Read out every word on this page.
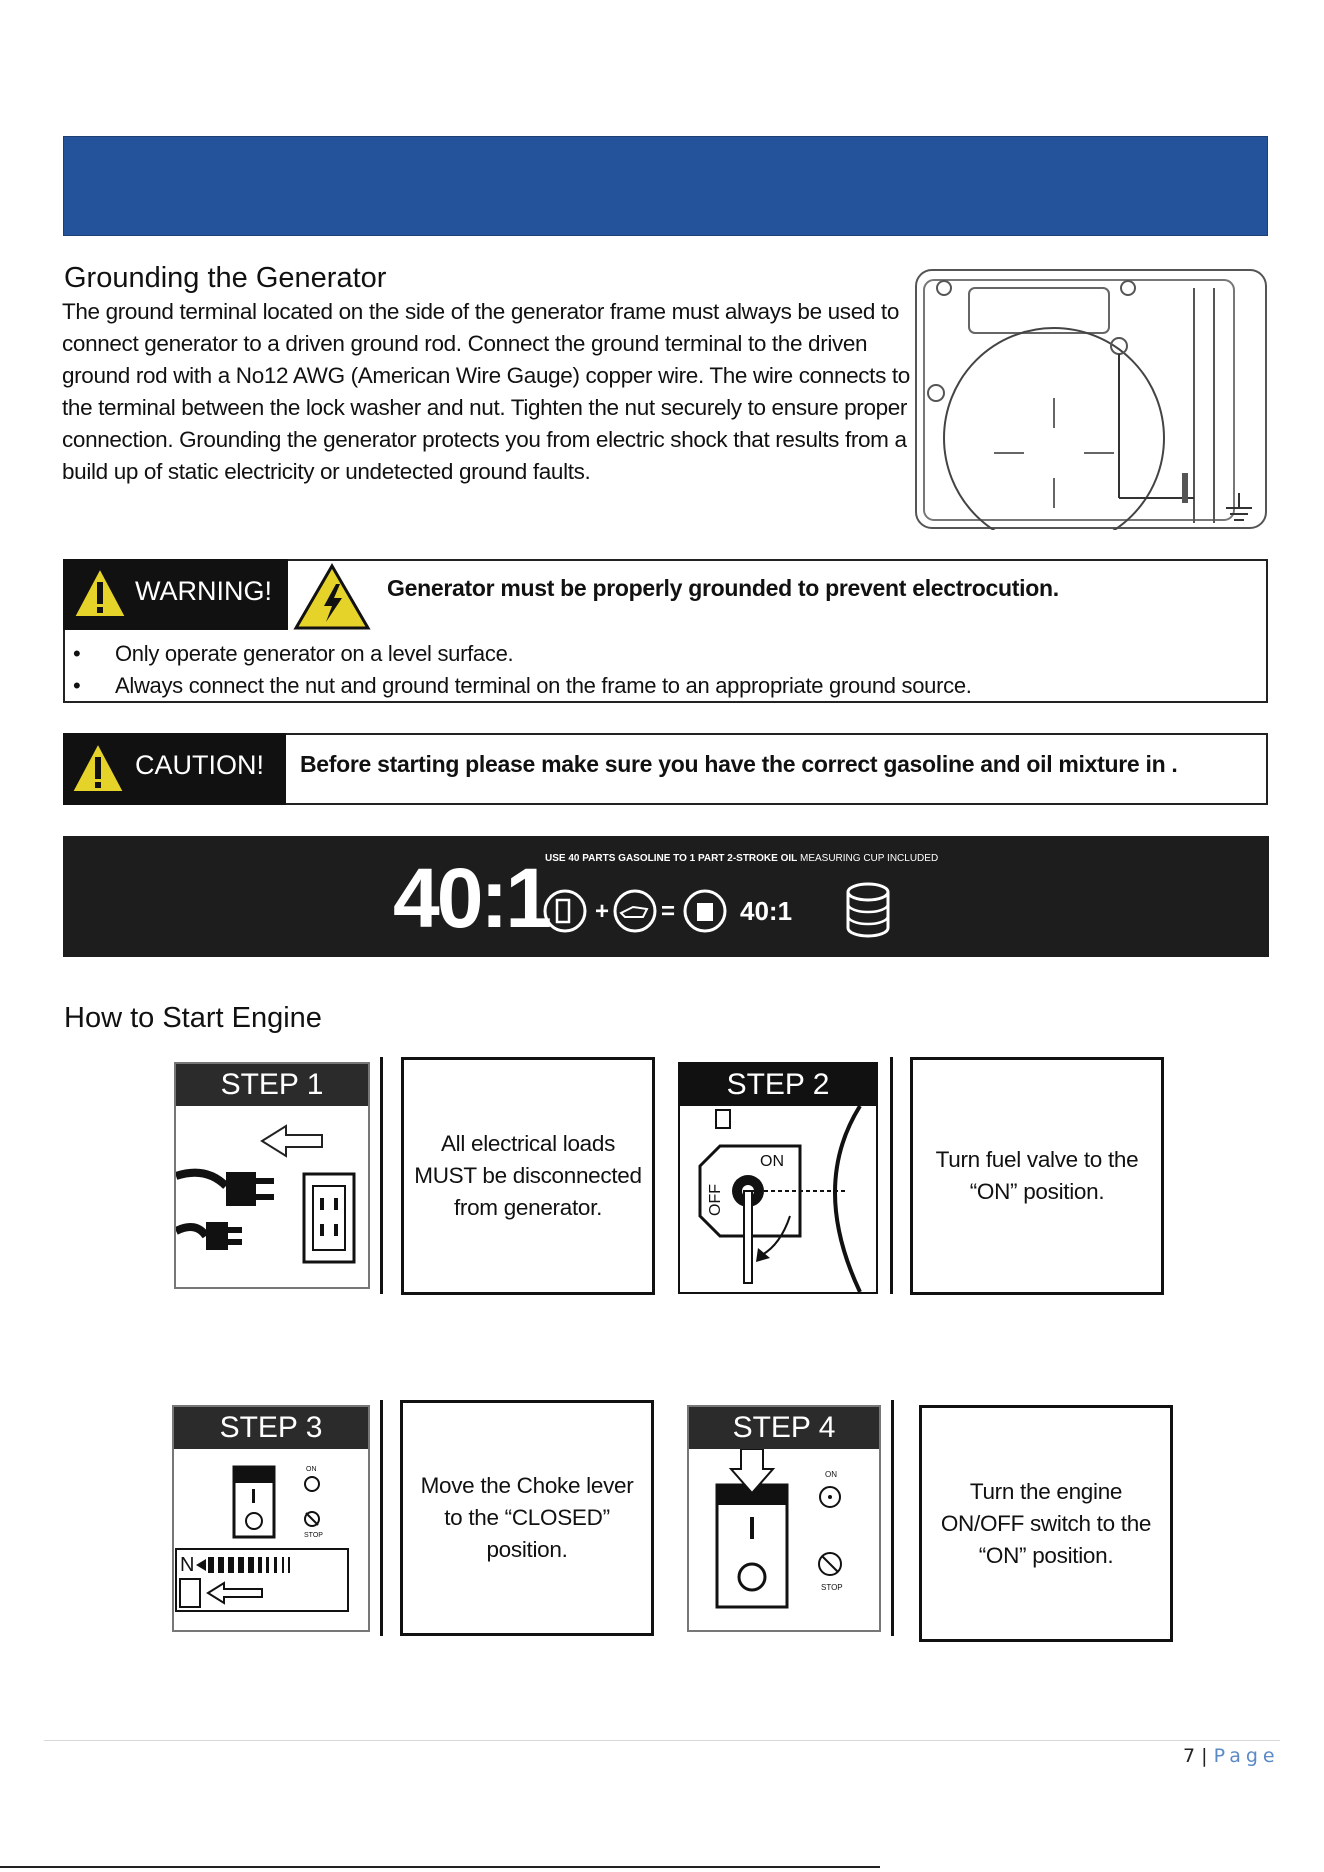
Grounding the Generator
The ground terminal located on the side of the generator frame must always be used to connect generator to a driven ground rod. Connect the ground terminal to the driven ground rod with a No12 AWG (American Wire Gauge) copper wire. The wire connects to the terminal between the lock washer and nut. Tighten the nut securely to ensure proper connection. Grounding the generator protects you from electric shock that results from a build up of static electricity or undetected ground faults.
WARNING!	Generator must be properly grounded to prevent electrocution.
• Only operate generator on a level surface.
• Always connect the nut and ground terminal on the frame to an appropriate ground source.
CAUTION! Before starting please make sure you have the correct gasoline and oil mixture in .
40:1
USE 40 PARTS GASOLINE TO 1 PART 2-STROKE OIL MEASURING CUP INCLUDED
+ = 40:1
How to Start Engine
STEP 1
All electrical loads MUST be disconnected from generator.
STEP 2
ON
OFF
Turn fuel valve to the “ON” position.
STEP 3
ON
STOP
N
Move the Choke lever to the “CLOSED” position.
STEP 4
ON
STOP
Turn the engine ON/OFF switch to the “ON” position.
7 | Page
